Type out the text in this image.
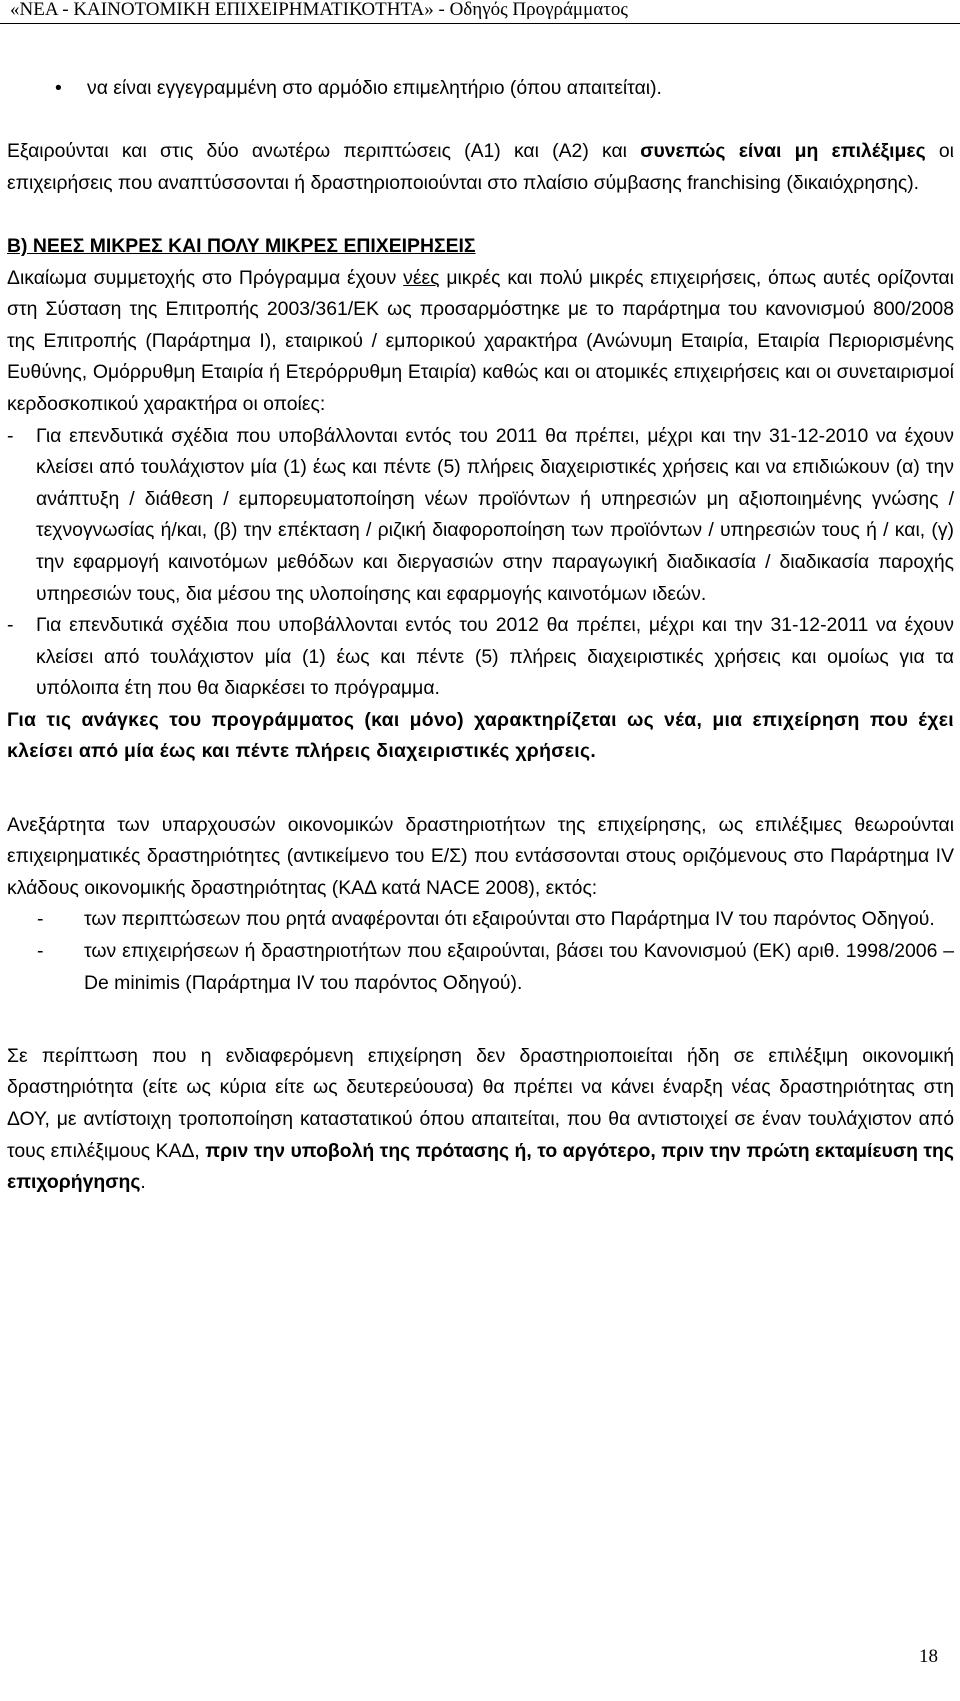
«ΝΕΑ - ΚΑΙΝΟΤΟΜΙΚΗ ΕΠΙΧΕΙΡΗΜΑΤΙΚΟΤΗΤΑ» - Οδηγός Προγράμματος

• να είναι εγγεγραμμένη στο αρμόδιο επιμελητήριο (όπου απαιτείται).

Εξαιρούνται και στις δύο ανωτέρω περιπτώσεις (Α1) και (Α2) και συνεπώς είναι μη επιλέξιμες οι επιχειρήσεις που αναπτύσσονται ή δραστηριοποιούνται στο πλαίσιο σύμβασης franchising (δικαιόχρησης).

Β) ΝΕΕΣ ΜΙΚΡΕΣ ΚΑΙ ΠΟΛΥ ΜΙΚΡΕΣ ΕΠΙΧΕΙΡΗΣΕΙΣ

Δικαίωμα συμμετοχής στο Πρόγραμμα έχουν νέες μικρές και πολύ μικρές επιχειρήσεις, όπως αυτές ορίζονται στη Σύσταση της Επιτροπής 2003/361/ΕΚ ως προσαρμόστηκε με το παράρτημα του κανονισμού 800/2008 της Επιτροπής (Παράρτημα Ι), εταιρικού / εμπορικού χαρακτήρα (Ανώνυμη Εταιρία, Εταιρία Περιορισμένης Ευθύνης, Ομόρρυθμη Εταιρία ή Ετερόρρυθμη Εταιρία) καθώς και οι ατομικές επιχειρήσεις και οι συνεταιρισμοί κερδοσκοπικού χαρακτήρα οι οποίες:

- Για επενδυτικά σχέδια που υποβάλλονται εντός του 2011 θα πρέπει, μέχρι και την 31-12-2010 να έχουν κλείσει από τουλάχιστον μία (1) έως και πέντε (5) πλήρεις διαχειριστικές χρήσεις και να επιδιώκουν (α) την ανάπτυξη / διάθεση / εμπορευματοποίηση νέων προϊόντων ή υπηρεσιών μη αξιοποιημένης γνώσης / τεχνογνωσίας ή/και, (β) την επέκταση / ριζική διαφοροποίηση των προϊόντων / υπηρεσιών τους ή / και, (γ) την εφαρμογή καινοτόμων μεθόδων και διεργασιών στην παραγωγική διαδικασία / διαδικασία παροχής υπηρεσιών τους, δια μέσου της υλοποίησης και εφαρμογής καινοτόμων ιδεών.

- Για επενδυτικά σχέδια που υποβάλλονται εντός του 2012 θα πρέπει, μέχρι και την 31-12-2011 να έχουν κλείσει από τουλάχιστον μία (1) έως και πέντε (5) πλήρεις διαχειριστικές χρήσεις και ομοίως για τα υπόλοιπα έτη που θα διαρκέσει το πρόγραμμα.

Για τις ανάγκες του προγράμματος (και μόνο) χαρακτηρίζεται ως νέα, μια επιχείρηση που έχει κλείσει από μία έως και πέντε πλήρεις διαχειριστικές χρήσεις.

Ανεξάρτητα των υπαρχουσών οικονομικών δραστηριοτήτων της επιχείρησης, ως επιλέξιμες θεωρούνται επιχειρηματικές δραστηριότητες (αντικείμενο του Ε/Σ) που εντάσσονται στους οριζόμενους στο Παράρτημα IV κλάδους οικονομικής δραστηριότητας (ΚΑΔ κατά NACE 2008), εκτός:

- των περιπτώσεων που ρητά αναφέρονται ότι εξαιρούνται στο Παράρτημα IV του παρόντος Οδηγού.

- των επιχειρήσεων ή δραστηριοτήτων που εξαιρούνται, βάσει του Κανονισμού (ΕΚ) αριθ. 1998/2006 – De minimis (Παράρτημα IV του παρόντος Οδηγού).

Σε περίπτωση που η ενδιαφερόμενη επιχείρηση δεν δραστηριοποιείται ήδη σε επιλέξιμη οικονομική δραστηριότητα (είτε ως κύρια είτε ως δευτερεύουσα) θα πρέπει να κάνει έναρξη νέας δραστηριότητας στη ΔΟΥ, με αντίστοιχη τροποποίηση καταστατικού όπου απαιτείται, που θα αντιστοιχεί σε έναν τουλάχιστον από τους επιλέξιμους ΚΑΔ, πριν την υποβολή της πρότασης ή, το αργότερο, πριν την πρώτη εκταμίευση της επιχορήγησης.

18
